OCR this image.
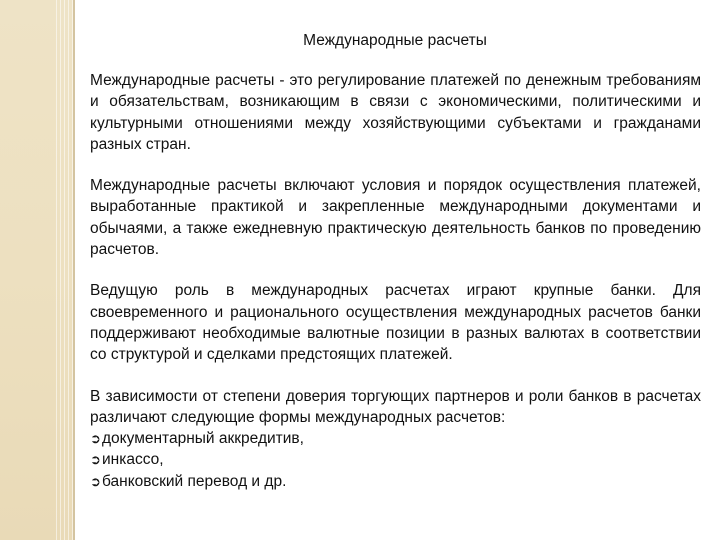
Международные расчеты

Международные расчеты - это регулирование платежей по денежным требованиям и обязательствам, возникающим в связи с экономическими, политическими и культурными отношениями между хозяйствующими субъектами и гражданами разных стран.

Международные расчеты включают условия и порядок осуществления платежей, выработанные практикой и закрепленные международными документами и обычаями, а также ежедневную практическую деятельность банков по проведению расчетов.

Ведущую роль в международных расчетах играют крупные банки. Для своевременного и рационального осуществления международных расчетов банки поддерживают необходимые валютные позиции в разных валютах в соответствии со структурой и сделками предстоящих платежей.

В зависимости от степени доверия торгующих партнеров и роли банков в расчетах различают следующие формы международных расчетов:

➲документарный аккредитив,
➲инкассо,
➲банковский перевод и др.
